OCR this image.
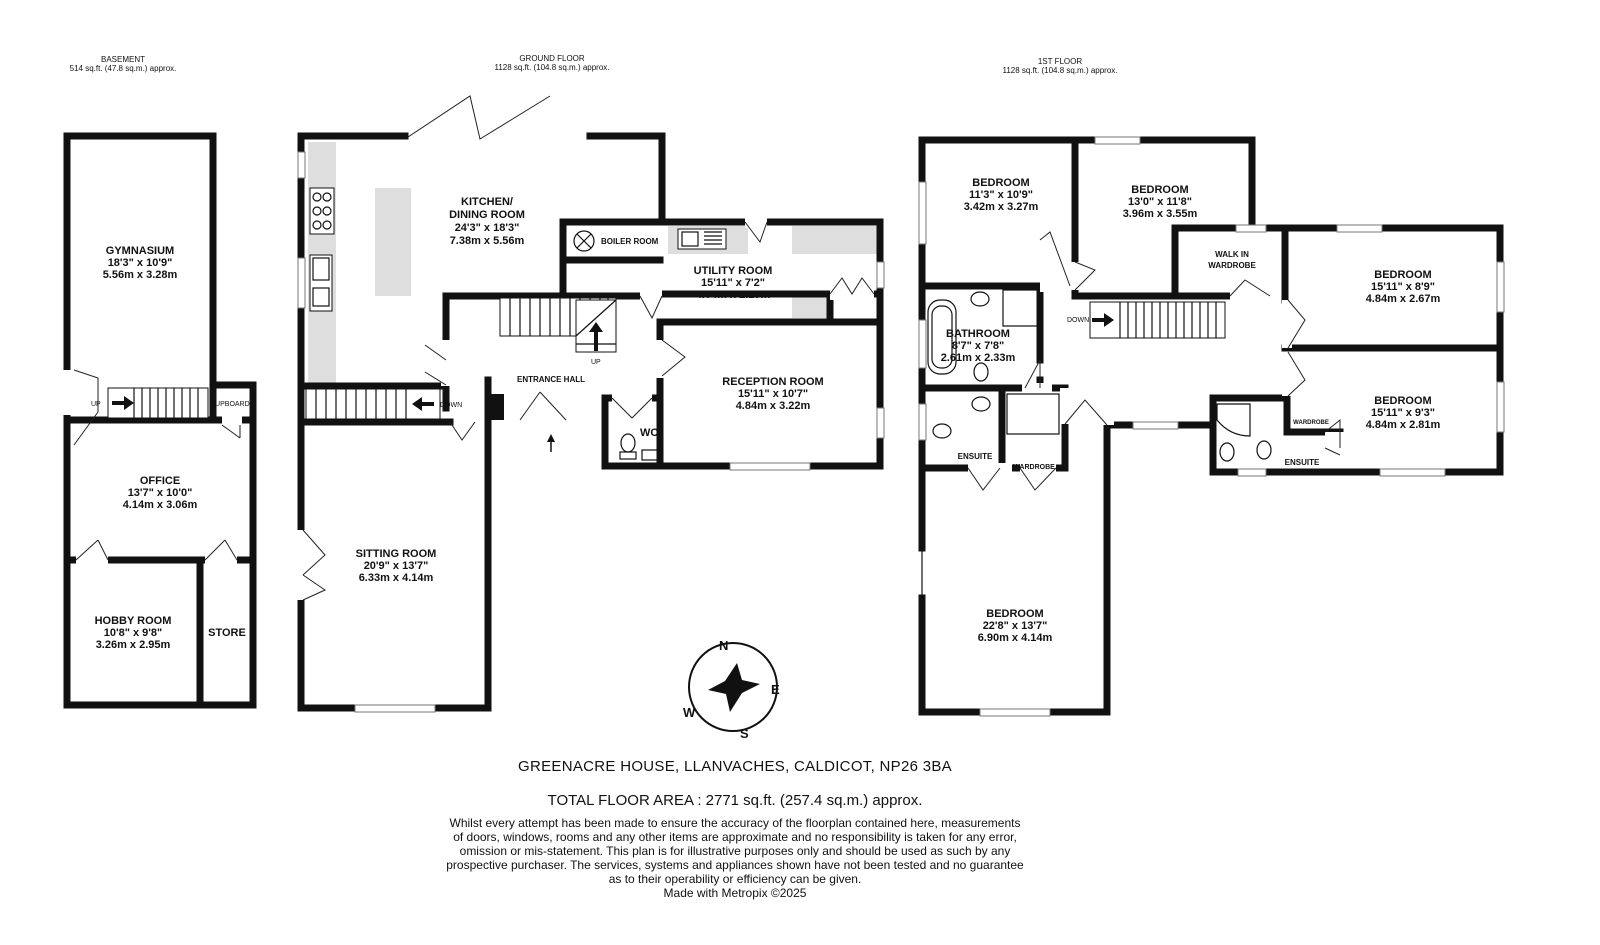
BASEMENT
514 sq.ft. (47.8 sq.m.) approx.
GROUND FLOOR
1128 sq.ft. (104.8 sq.m.) approx.
1ST FLOOR
1128 sq.ft. (104.8 sq.m.) approx.
UP	CUPBOARD
GYMNASIUM
18'3" x 10'9"
5.56m x 3.28m
OFFICE
13'7" x 10'0"
4.14m x 3.06m
HOBBY ROOM
10'8" x 9'8"
3.26m x 2.95m
STORE
BOILER ROOM
UP
DOWN
WC
KITCHEN/
DINING ROOM
24'3" x 18'3"
7.38m x 5.56m
UTILITY ROOM
15'11" x 7'2"
4.84m x 2.19m
ENTRANCE HALL	RECEPTION ROOM
15'11" x 10'7"
4.84m x 3.22m
SITTING ROOM
20'9" x 13'7"
6.33m x 4.14m
DOWN
BEDROOM
11'3" x 10'9"
3.42m x 3.27m
BEDROOM
13'0" x 11'8"
3.96m x 3.55m
WALK IN
WARDROBE
BEDROOM
15'11" x 8'9"
4.84m x 2.67m
BATHROOM
8'7" x 7'8"
2.61m x 2.33m
BEDROOM
15'11" x 9'3"
4.84m x 2.81m
ENSUITE
WARDROBE
ENSUITE
WARDROBE
BEDROOM
22'8" x 13'7"
6.90m x 4.14m
N
E
S
W
GREENACRE HOUSE, LLANVACHES, CALDICOT, NP26 3BA
TOTAL FLOOR AREA : 2771 sq.ft. (257.4 sq.m.) approx.
Whilst every attempt has been made to ensure the accuracy of the floorplan contained here, measurements
of doors, windows, rooms and any other items are approximate and no responsibility is taken for any error,
omission or mis-statement. This plan is for illustrative purposes only and should be used as such by any
prospective purchaser. The services, systems and appliances shown have not been tested and no guarantee
as to their operability or efficiency can be given.
Made with Metropix ©2025
